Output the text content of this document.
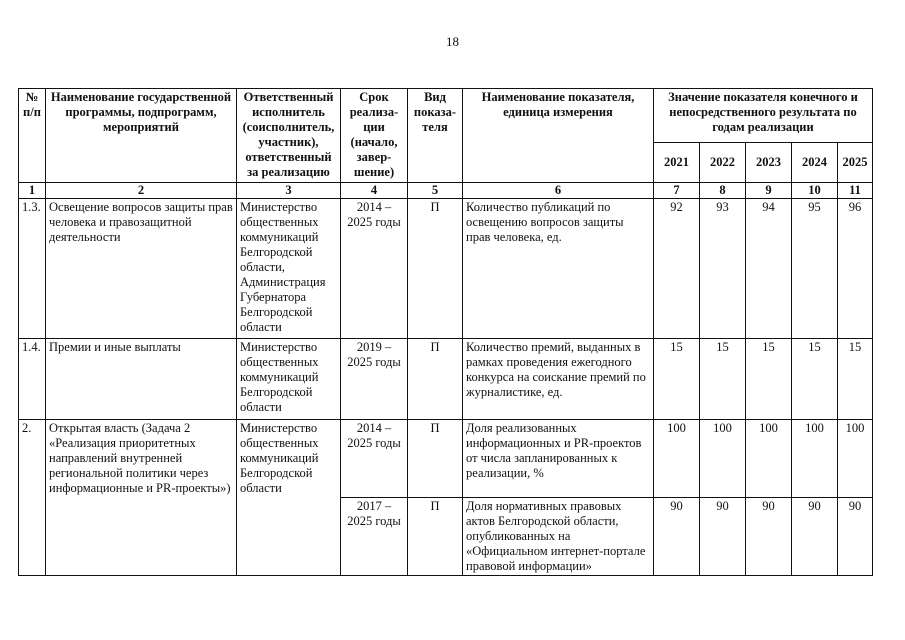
18
№ п/п	Наименование государственной программы, подпрограмм, мероприятий	Ответственный исполнитель (соисполнитель, участник), ответственный за реализацию	Срок реализа-ции (начало, завер-шение)	Вид показа-теля	Наименование показателя, единица измерения	Значение показателя конечного и непосредственного результата по годам реализации				
						2021	2022	2023	2024	2025
1	2	3	4	5	6	7	8	9	10	11
1.3.	Освещение вопросов защиты прав человека и правозащитной деятельности	Министерство общественных коммуникаций Белгородской области, Администрация Губернатора Белгородской области	2014 – 2025 годы	П	Количество публикаций по освещению вопросов защиты прав человека, ед.	92	93	94	95	96
1.4.	Премии и иные выплаты	Министерство общественных коммуникаций Белгородской области	2019 – 2025 годы	П	Количество премий, выданных в рамках проведения ежегодного конкурса на соискание премий по журналистике, ед.	15	15	15	15	15
2.	Открытая власть (Задача 2 «Реализация приоритетных направлений внутренней региональной политики через информационные и PR-проекты»)	Министерство общественных коммуникаций Белгородской области	2014 – 2025 годы	П	Доля реализованных информационных и PR-проектов от числа запланированных к реализации, %	100	100	100	100	100
			2017 – 2025 годы	П	Доля нормативных правовых актов Белгородской области, опубликованных на «Официальном интернет-портале правовой информации»	90	90	90	90	90
